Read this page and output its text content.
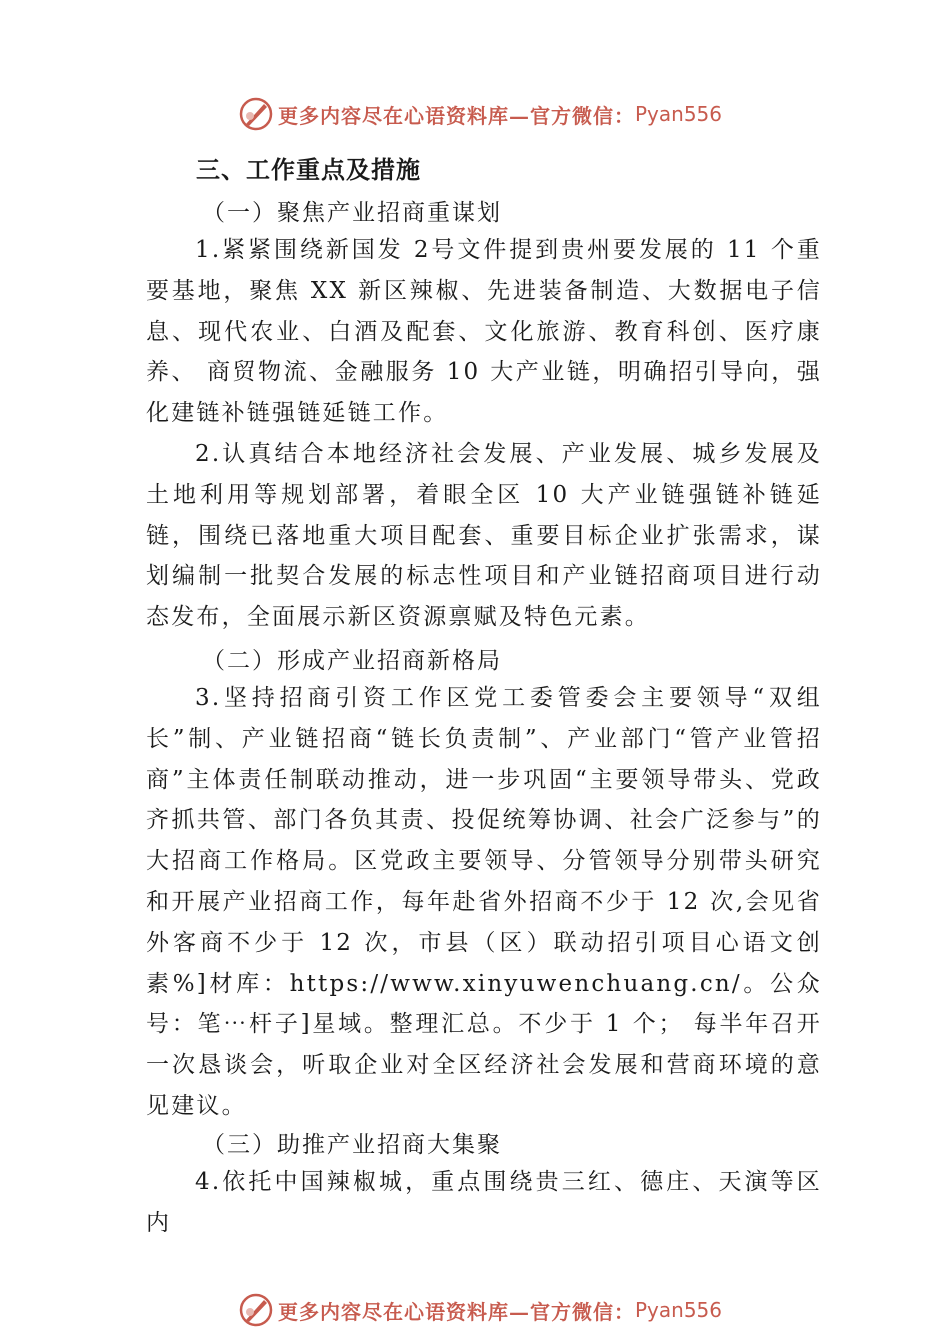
更多内容尽在心语资料库—官方微信： Pyan556
三、工作重点及措施
（一）聚焦产业招商重谋划
1.紧紧围绕新国发 2号文件提到贵州要发展的 11 个重要基地，聚焦 XX 新区辣椒、先进装备制造、大数据电子信息、现代农业、白酒及配套、文化旅游、教育科创、医疗康养、 商贸物流、金融服务 10 大产业链，明确招引导向，强化建链补链强链延链工作。
2.认真结合本地经济社会发展、产业发展、城乡发展及土地利用等规划部署，着眼全区 10 大产业链强链补链延链，围绕已落地重大项目配套、重要目标企业扩张需求，谋划编制一批契合发展的标志性项目和产业链招商项目进行动态发布，全面展示新区资源禀赋及特色元素。
（二）形成产业招商新格局
3.坚持招商引资工作区党工委管委会主要领导“双组长”制、产业链招商“链长负责制”、产业部门“管产业管招商”主体责任制联动推动，进一步巩固“主要领导带头、党政齐抓共管、部门各负其责、投促统筹协调、社会广泛参与”的大招商工作格局。区党政主要领导、分管领导分别带头研究和开展产业招商工作，每年赴省外招商不少于 12 次,会见省外客商不少于 12 次，市县（区）联动招引项目心语文创素%]材库：https://www.xinyuwenchuang.cn/。公众号：笔⋯杆子]星域。整理汇总。不少于 1 个； 每半年召开一次恳谈会，听取企业对全区经济社会发展和营商环境的意见建议。
（三）助推产业招商大集聚
4.依托中国辣椒城，重点围绕贵三红、德庄、天演等区内
更多内容尽在心语资料库—官方微信： Pyan556
